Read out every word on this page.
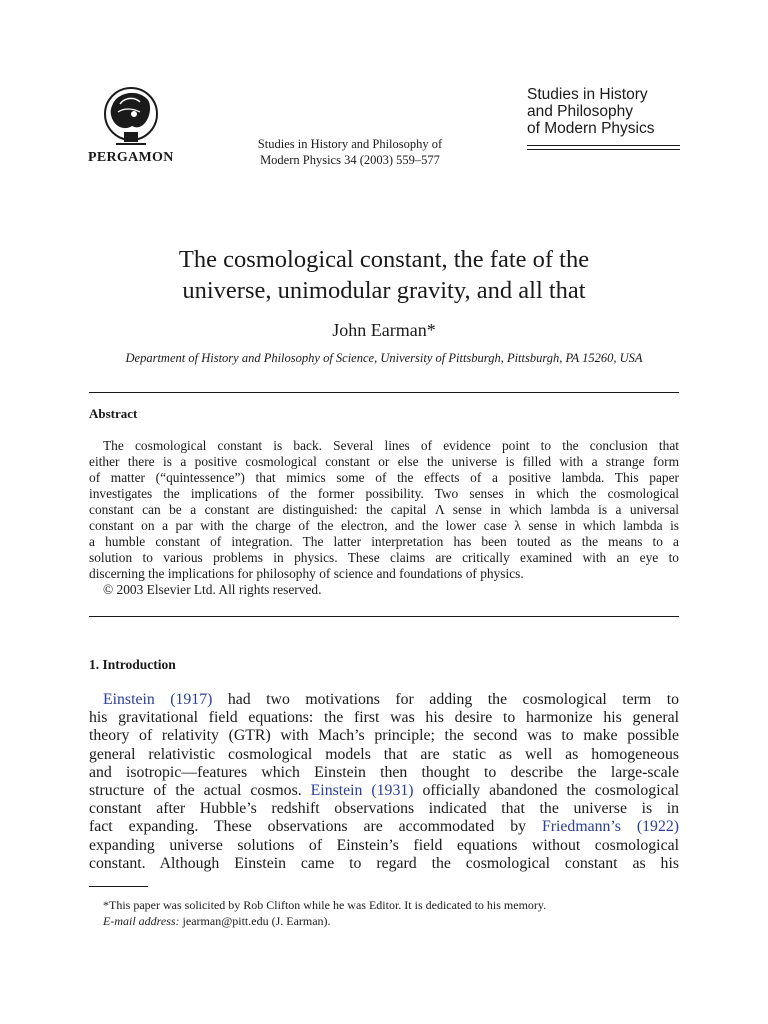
PERGAMON
Studies in History and Philosophy of
Modern Physics 34 (2003) 559–577
Studies in History
and Philosophy
of Modern Physics
The cosmological constant, the fate of the
universe, unimodular gravity, and all that
John Earman*
Department of History and Philosophy of Science, University of Pittsburgh, Pittsburgh, PA 15260, USA
Abstract
The cosmological constant is back. Several lines of evidence point to the conclusion that
either there is a positive cosmological constant or else the universe is filled with a strange form
of matter (“quintessence”) that mimics some of the effects of a positive lambda. This paper
investigates the implications of the former possibility. Two senses in which the cosmological
constant can be a constant are distinguished: the capital Λ sense in which lambda is a universal
constant on a par with the charge of the electron, and the lower case λ sense in which lambda is
a humble constant of integration. The latter interpretation has been touted as the means to a
solution to various problems in physics. These claims are critically examined with an eye to
discerning the implications for philosophy of science and foundations of physics.
© 2003 Elsevier Ltd. All rights reserved.
1. Introduction
Einstein (1917) had two motivations for adding the cosmological term to
his gravitational field equations: the first was his desire to harmonize his general
theory of relativity (GTR) with Mach’s principle; the second was to make possible
general relativistic cosmological models that are static as well as homogeneous
and isotropic—features which Einstein then thought to describe the large-scale
structure of the actual cosmos. Einstein (1931) officially abandoned the cosmological
constant after Hubble’s redshift observations indicated that the universe is in
fact expanding. These observations are accommodated by Friedmann’s (1922)
expanding universe solutions of Einstein’s field equations without cosmological
constant. Although Einstein came to regard the cosmological constant as his
*This paper was solicited by Rob Clifton while he was Editor. It is dedicated to his memory.
E-mail address: jearman@pitt.edu (J. Earman).
